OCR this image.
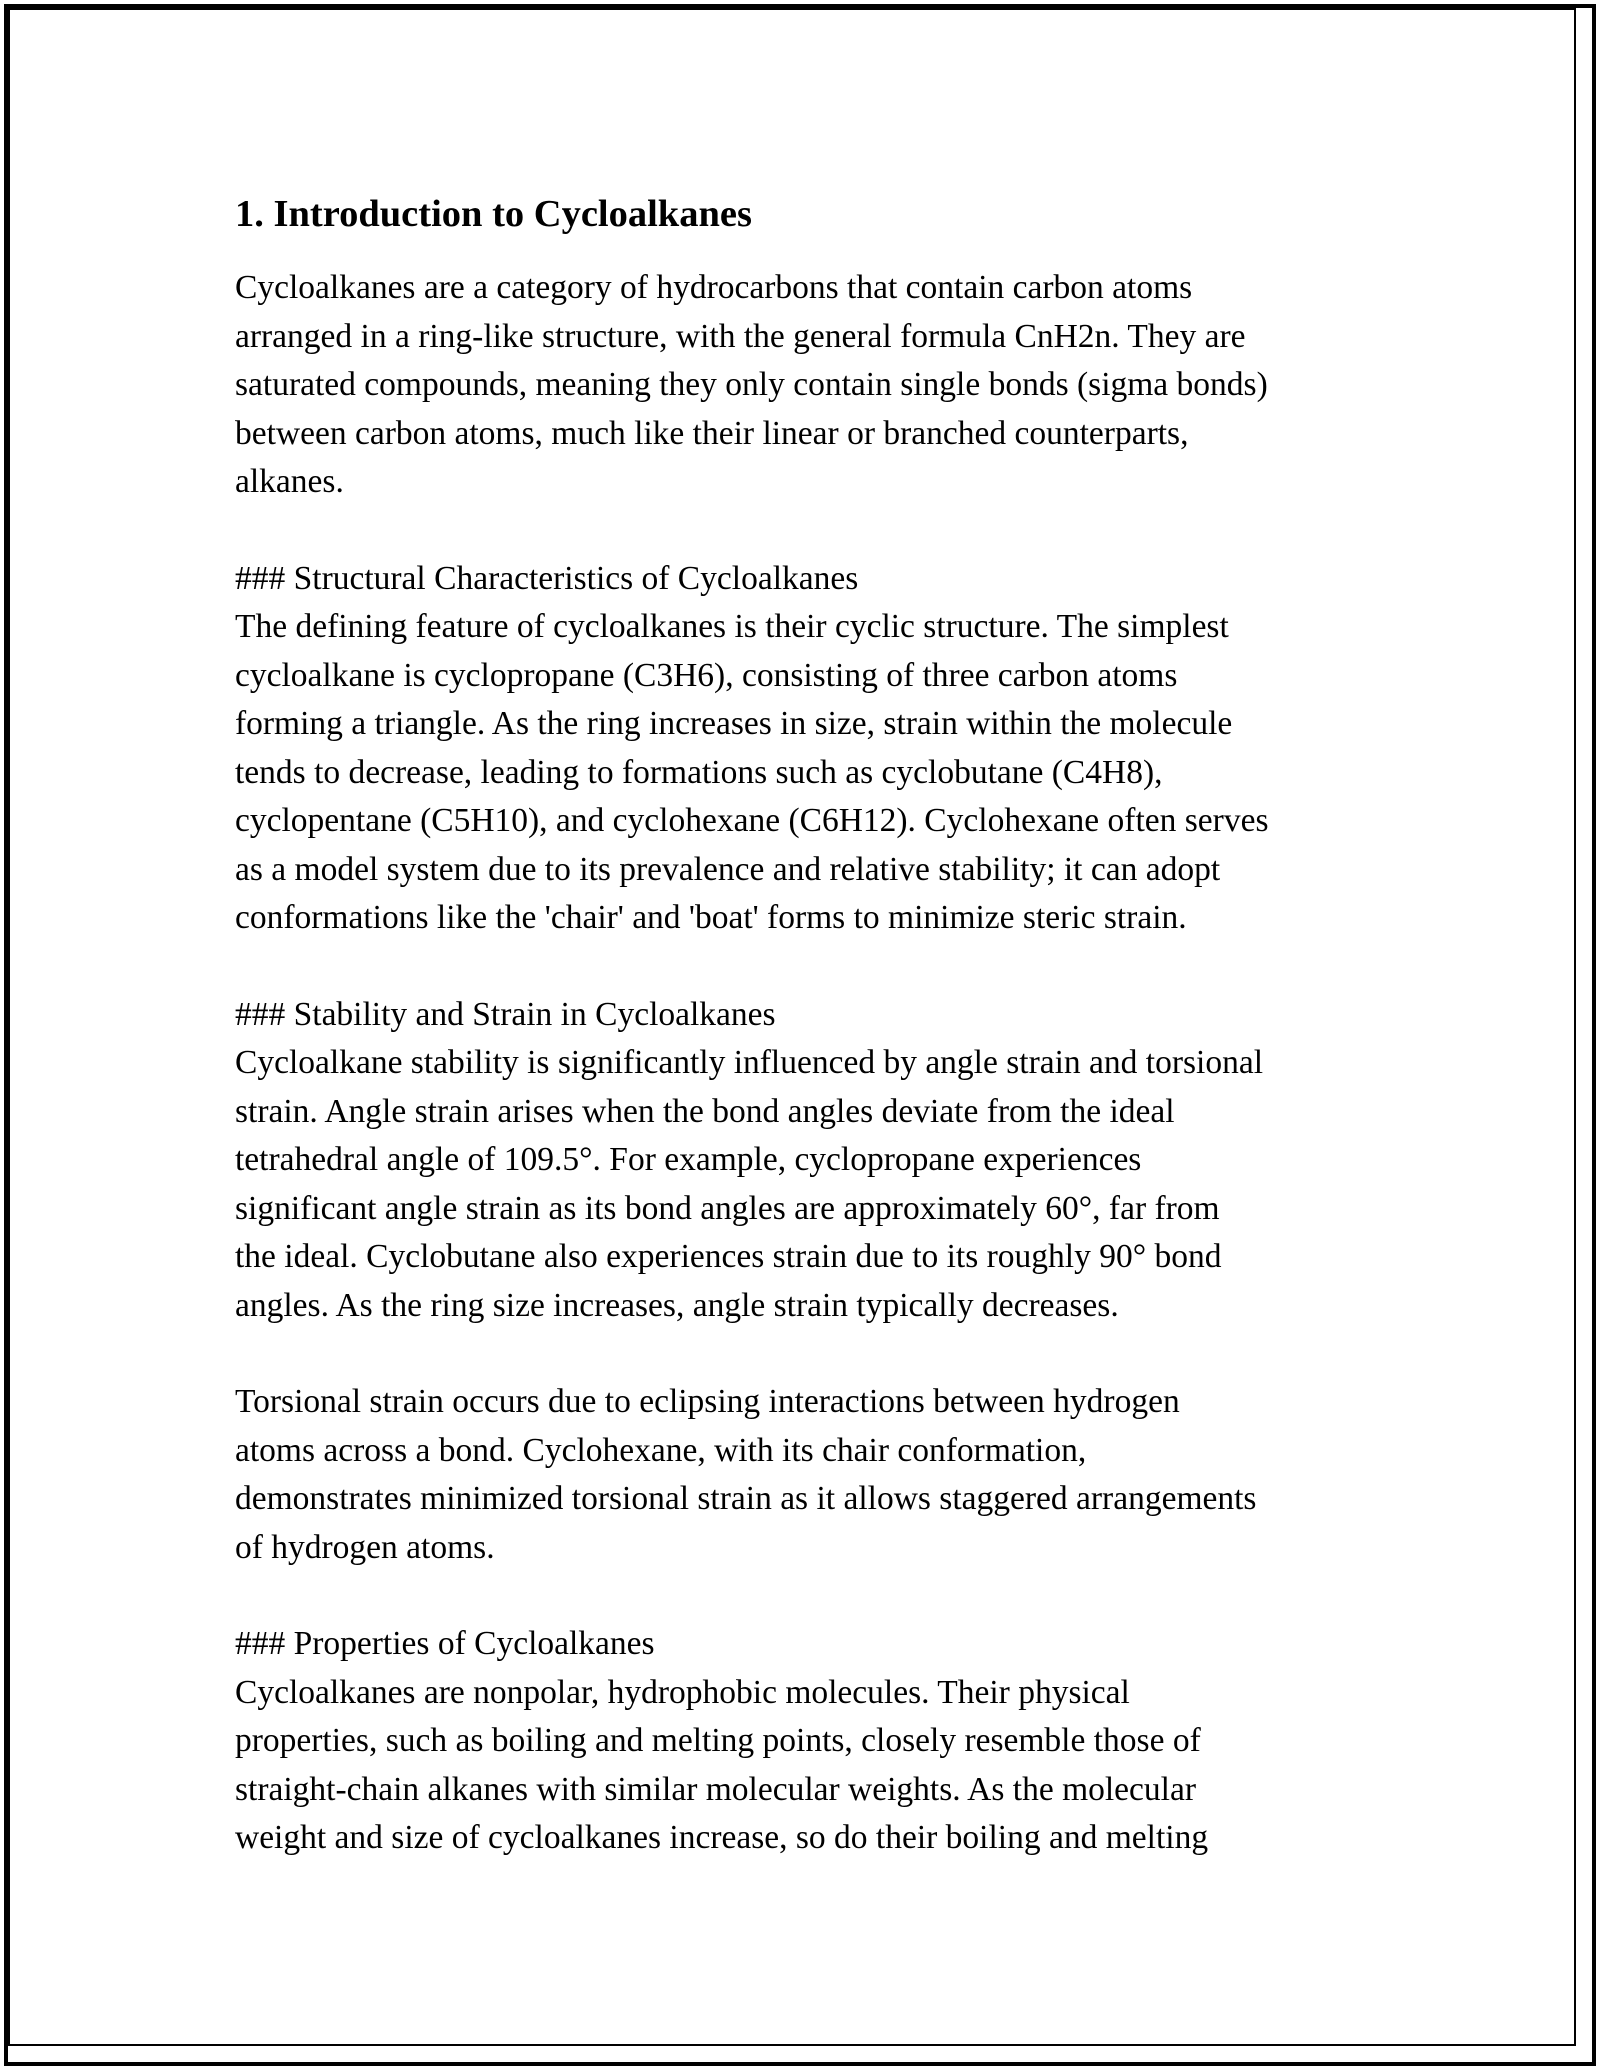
1. Introduction to Cycloalkanes

Cycloalkanes are a category of hydrocarbons that contain carbon atoms
arranged in a ring-like structure, with the general formula CnH2n. They are
saturated compounds, meaning they only contain single bonds (sigma bonds)
between carbon atoms, much like their linear or branched counterparts,
alkanes.

### Structural Characteristics of Cycloalkanes

The defining feature of cycloalkanes is their cyclic structure. The simplest
cycloalkane is cyclopropane (C3H6), consisting of three carbon atoms
forming a triangle. As the ring increases in size, strain within the molecule
tends to decrease, leading to formations such as cyclobutane (C4H8),
cyclopentane (C5H10), and cyclohexane (C6H12). Cyclohexane often serves
as a model system due to its prevalence and relative stability; it can adopt
conformations like the 'chair' and 'boat' forms to minimize steric strain.

### Stability and Strain in Cycloalkanes

Cycloalkane stability is significantly influenced by angle strain and torsional
strain. Angle strain arises when the bond angles deviate from the ideal
tetrahedral angle of 109.5°. For example, cyclopropane experiences
significant angle strain as its bond angles are approximately 60°, far from
the ideal. Cyclobutane also experiences strain due to its roughly 90° bond
angles. As the ring size increases, angle strain typically decreases.

Torsional strain occurs due to eclipsing interactions between hydrogen
atoms across a bond. Cyclohexane, with its chair conformation,
demonstrates minimized torsional strain as it allows staggered arrangements
of hydrogen atoms.

### Properties of Cycloalkanes

Cycloalkanes are nonpolar, hydrophobic molecules. Their physical
properties, such as boiling and melting points, closely resemble those of
straight-chain alkanes with similar molecular weights. As the molecular
weight and size of cycloalkanes increase, so do their boiling and melting
